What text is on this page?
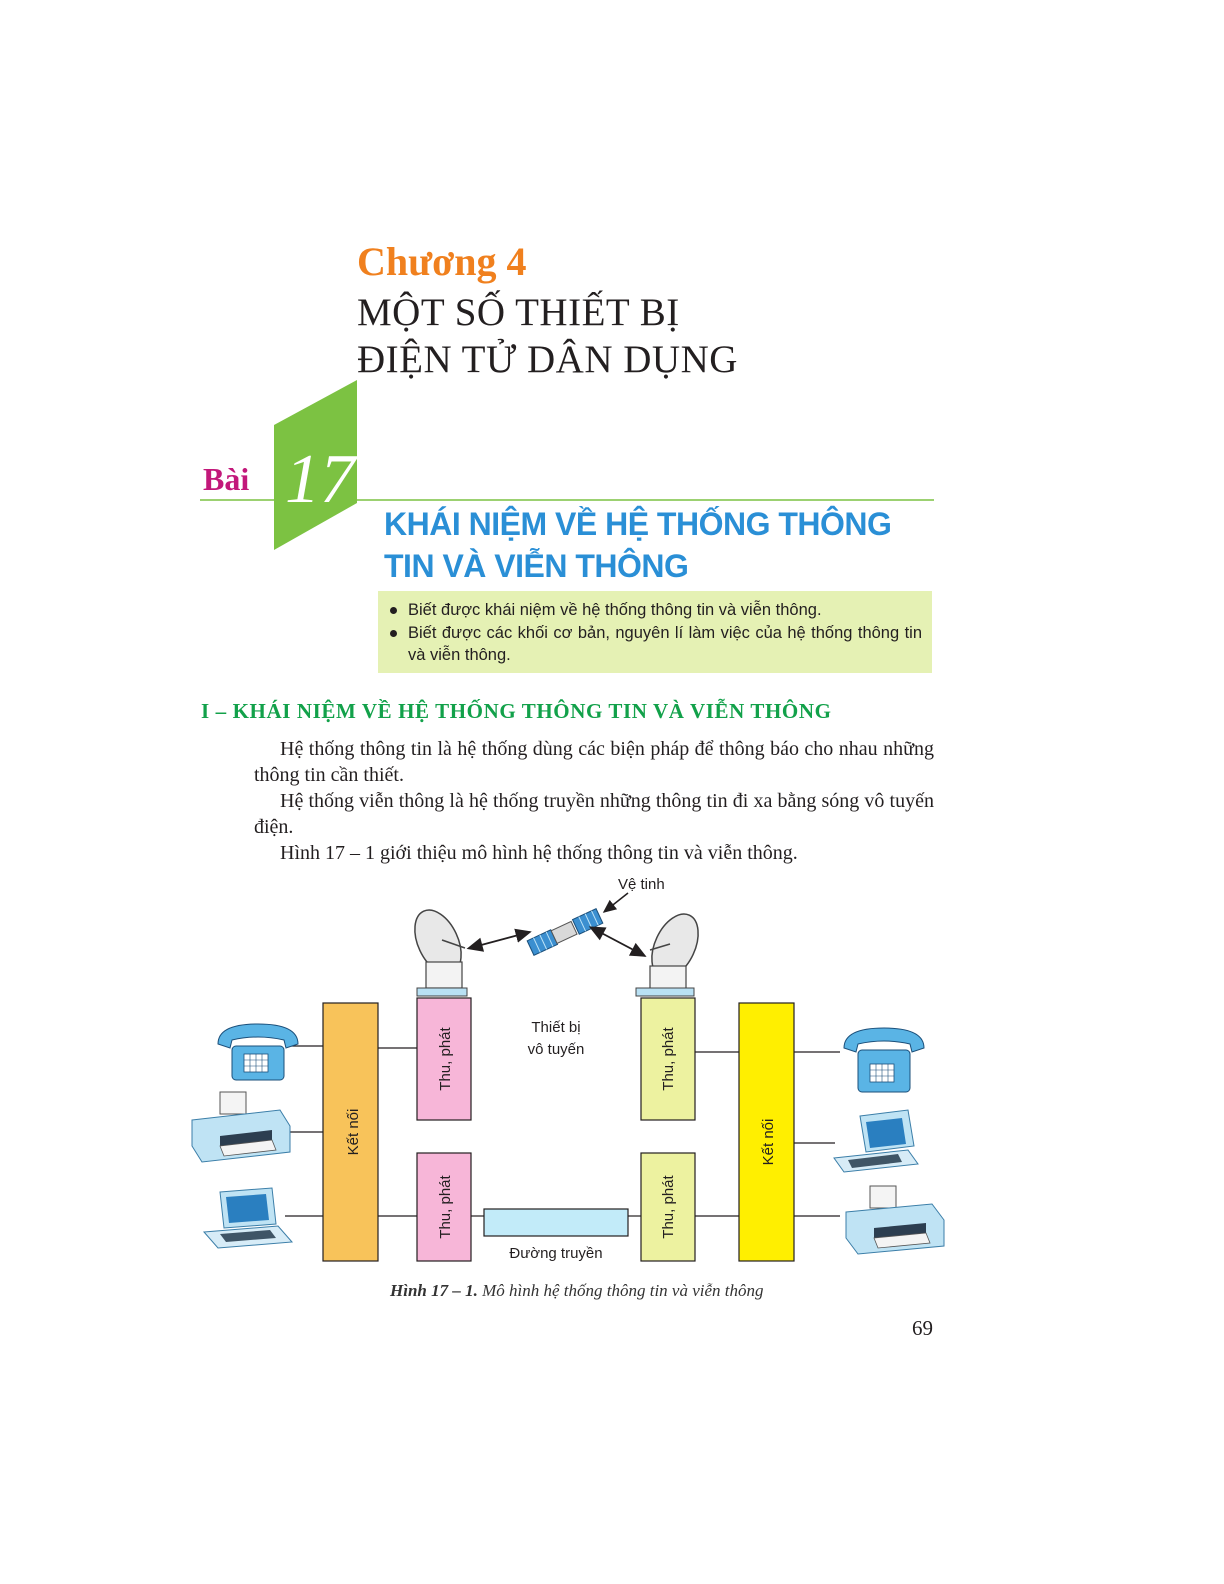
Chương 4
MỘT SỐ THIẾT BỊ
ĐIỆN TỬ DÂN DỤNG
Bài 17
KHÁI NIỆM VỀ HỆ THỐNG THÔNG TIN VÀ VIỄN THÔNG
Biết được khái niệm về hệ thống thông tin và viễn thông.
Biết được các khối cơ bản, nguyên lí làm việc của hệ thống thông tin và viễn thông.
I – KHÁI NIỆM VỀ HỆ THỐNG THÔNG TIN VÀ VIỄN THÔNG
Hệ thống thông tin là hệ thống dùng các biện pháp để thông báo cho nhau những thông tin cần thiết.
Hệ thống viễn thông là hệ thống truyền những thông tin đi xa bằng sóng vô tuyến điện.
Hình 17 – 1 giới thiệu mô hình hệ thống thông tin và viễn thông.
Vệ tinh
Kết nối	Kết nối
Thu, phát
Thu, phát
Thu, phát
Thu, phát
Thiết bị
vô tuyến
Đường truyền
Hình 17 – 1. Mô hình hệ thống thông tin và viễn thông
69
